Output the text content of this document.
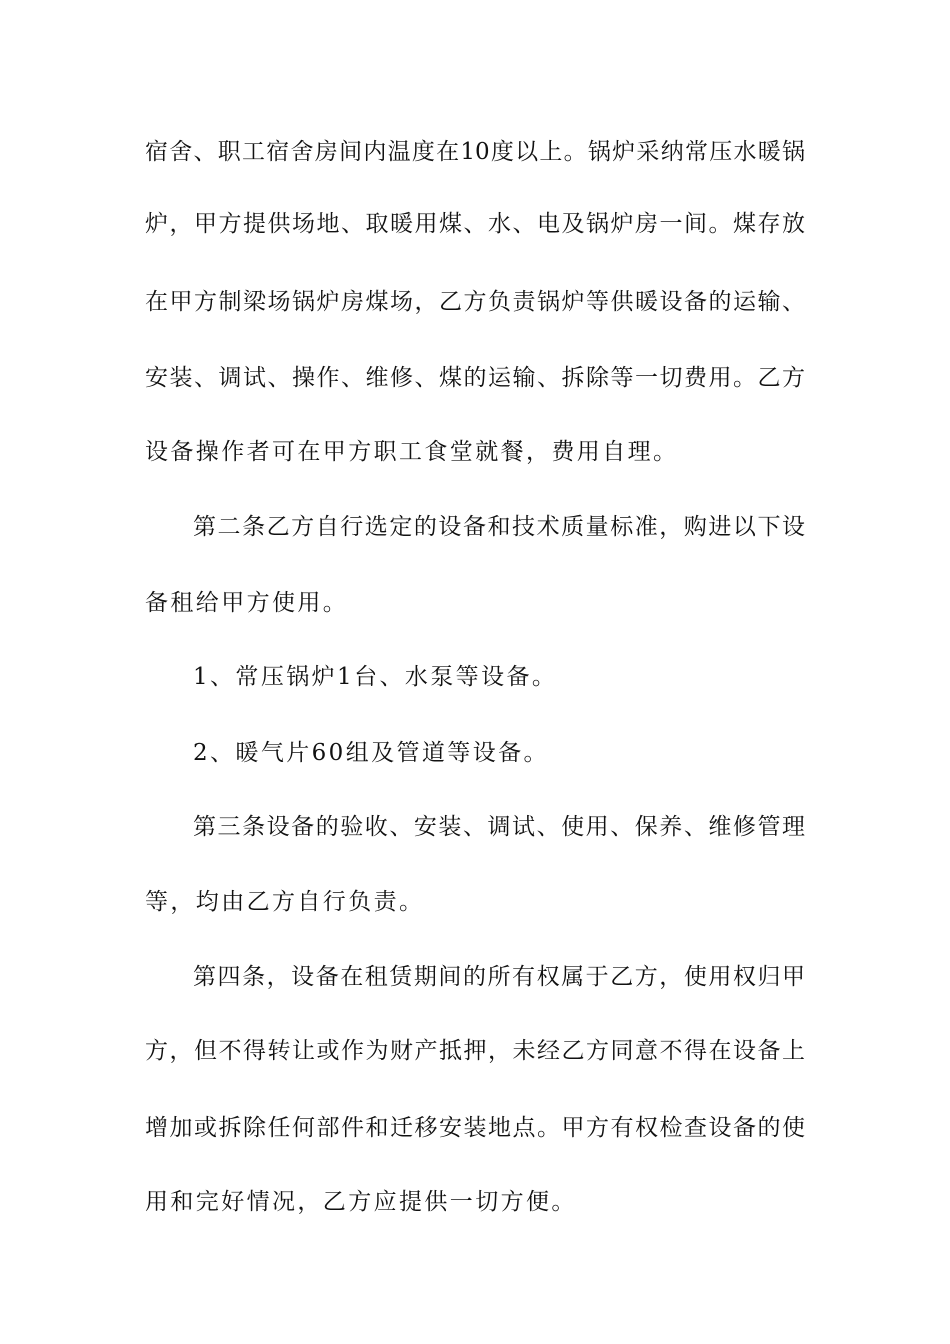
宿舍、职工宿舍房间内温度在10度以上。锅炉采纳常压水暖锅
炉，甲方提供场地、取暖用煤、水、电及锅炉房一间。煤存放
在甲方制梁场锅炉房煤场，乙方负责锅炉等供暖设备的运输、
安装、调试、操作、维修、煤的运输、拆除等一切费用。乙方
设备操作者可在甲方职工食堂就餐，费用自理。
第二条乙方自行选定的设备和技术质量标准，购进以下设
备租给甲方使用。
1、常压锅炉1台、水泵等设备。
2、暖气片60组及管道等设备。
第三条设备的验收、安装、调试、使用、保养、维修管理
等，均由乙方自行负责。
第四条，设备在租赁期间的所有权属于乙方，使用权归甲
方，但不得转让或作为财产抵押，未经乙方同意不得在设备上
增加或拆除任何部件和迁移安装地点。甲方有权检查设备的使
用和完好情况，乙方应提供一切方便。
